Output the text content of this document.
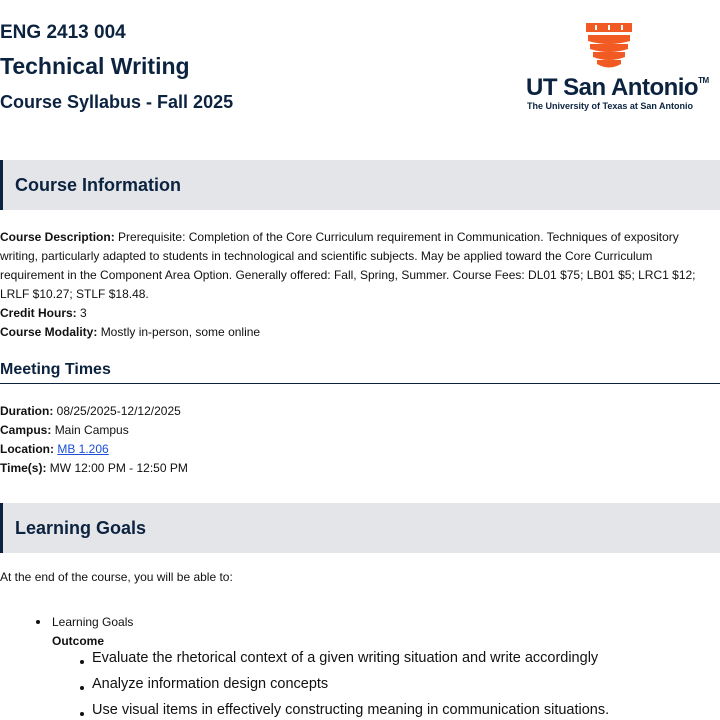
ENG 2413 004
Technical Writing
Course Syllabus - Fall 2025
UT San Antonio™
The University of Texas at San Antonio
Course Information
Course Description: Prerequisite: Completion of the Core Curriculum requirement in Communication. Techniques of expository
writing, particularly adapted to students in technological and scientific subjects. May be applied toward the Core Curriculum
requirement in the Component Area Option. Generally offered: Fall, Spring, Summer. Course Fees: DL01 $75; LB01 $5; LRC1 $12;
LRLF $10.27; STLF $18.48.
Credit Hours: 3
Course Modality: Mostly in-person, some online
Meeting Times
Duration: 08/25/2025-12/12/2025
Campus: Main Campus
Location: MB 1.206
Time(s): MW 12:00 PM - 12:50 PM
Learning Goals
At the end of the course, you will be able to:
Learning Goals
Outcome
Evaluate the rhetorical context of a given writing situation and write accordingly
Analyze information design concepts
Use visual items in effectively constructing meaning in communication situations.
